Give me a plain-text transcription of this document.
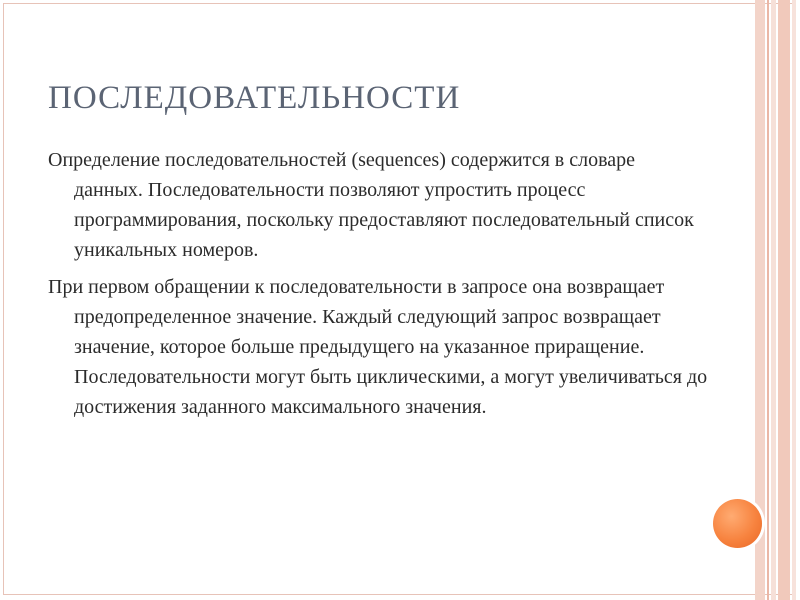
ПОСЛЕДОВАТЕЛЬНОСТИ

Определение последовательностей (sequences) содержится в словаре данных. Последовательности позволяют упростить процесс программирования, поскольку предоставляют последовательный список уникальных номеров.

При первом обращении к последовательности в запросе она возвращает предопределенное значение. Каждый следующий запрос возвращает значение, которое больше предыдущего на указанное приращение. Последовательности могут быть циклическими, а могут увеличиваться до достижения заданного максимального значения.
